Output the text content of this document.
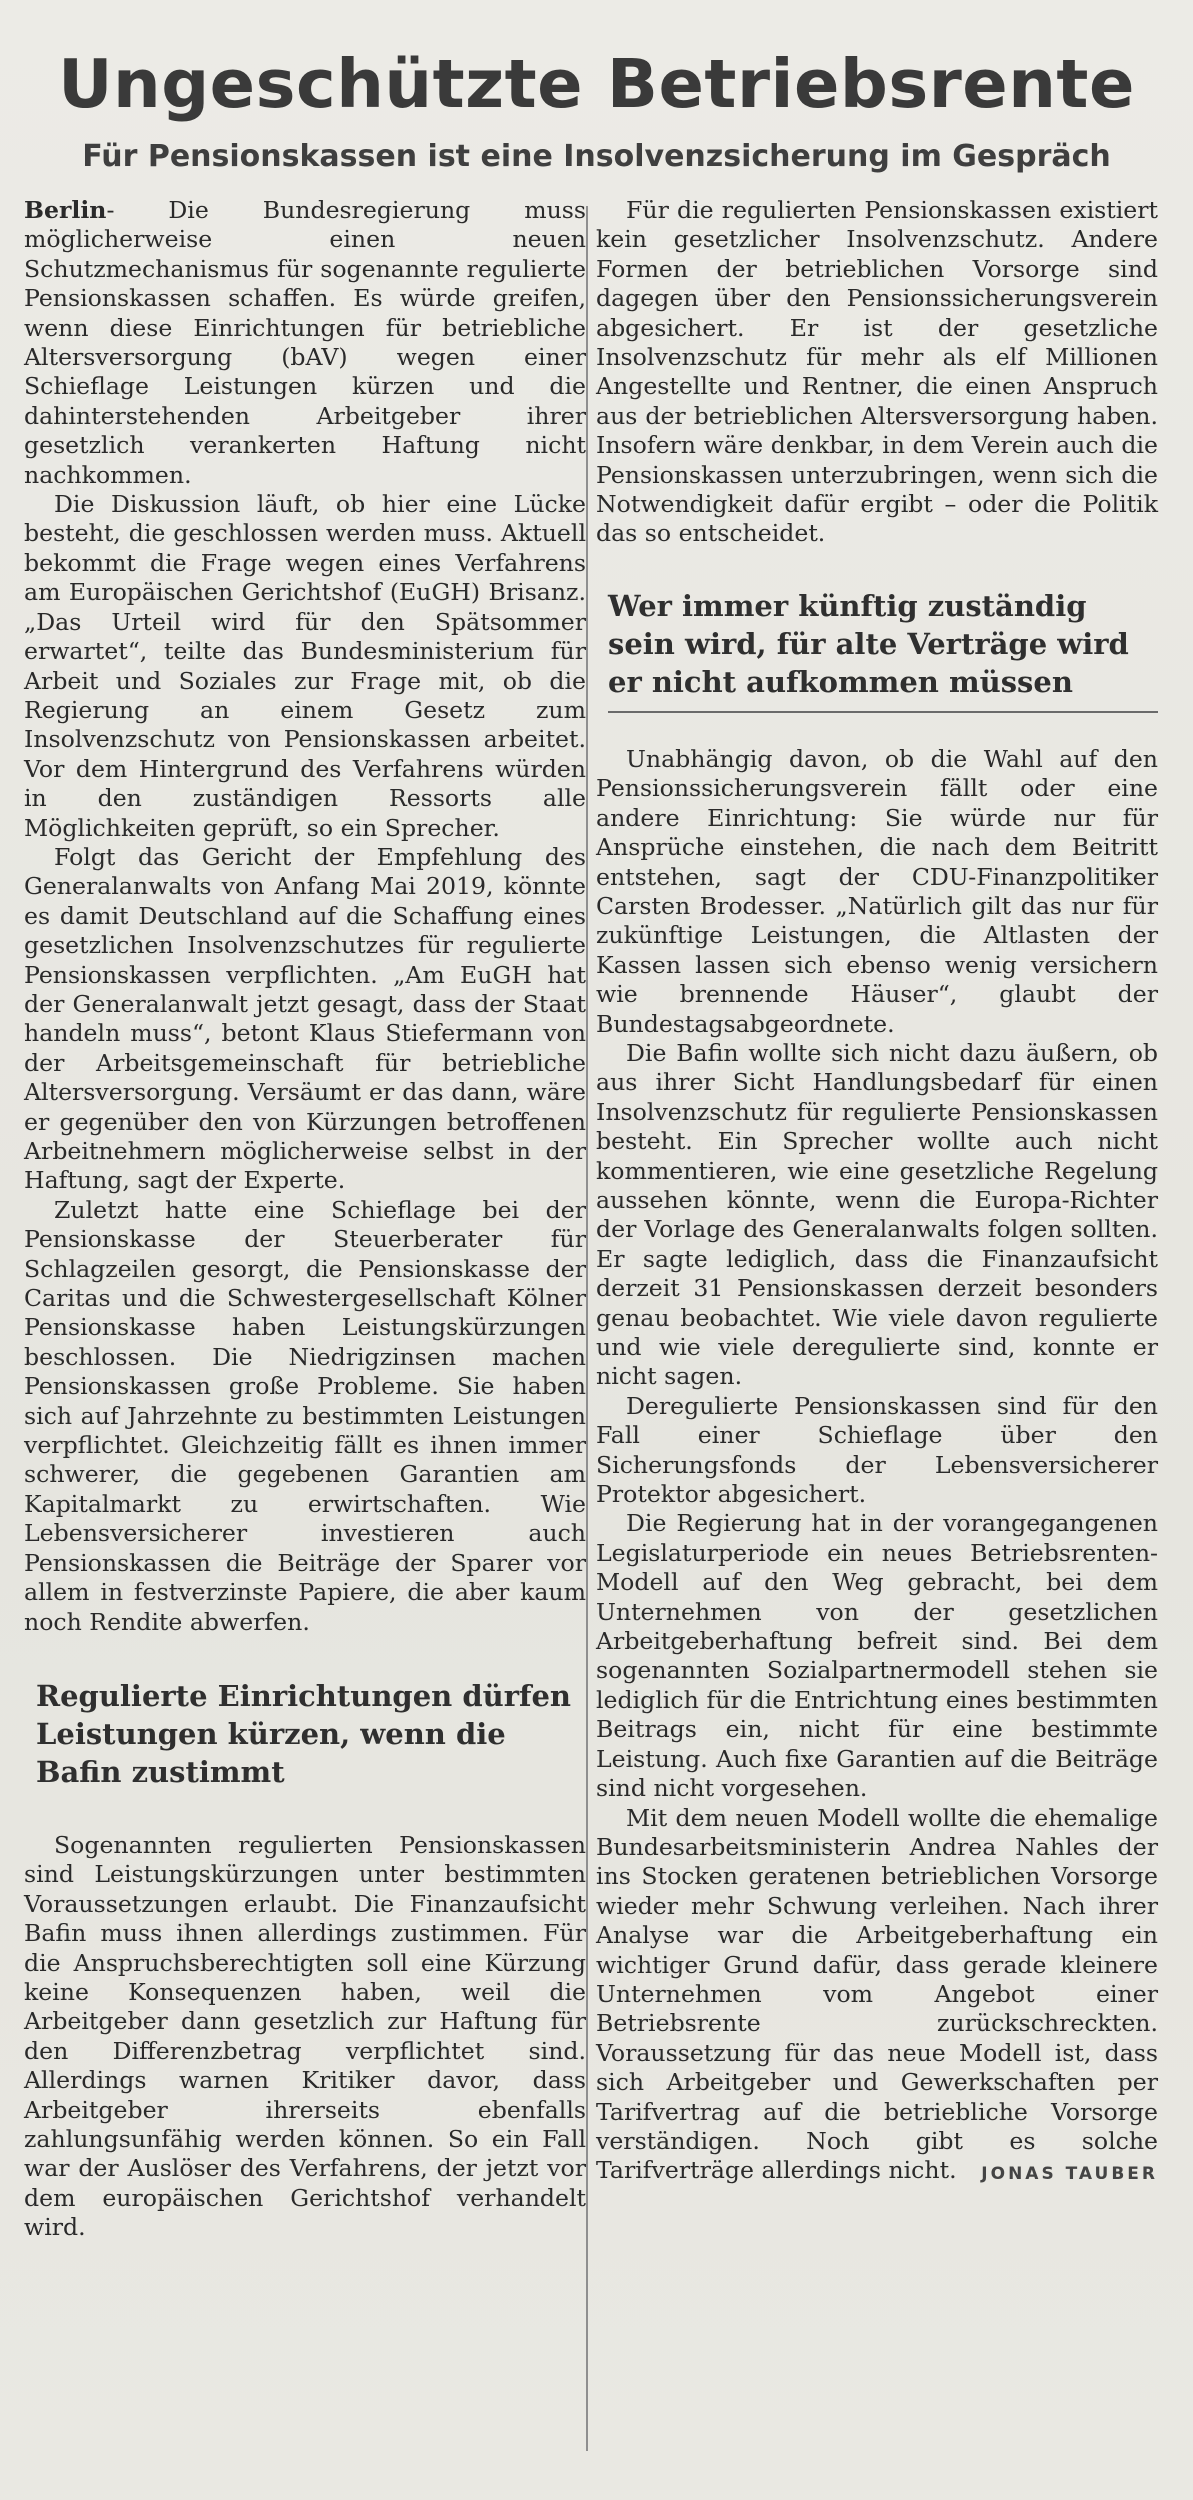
Ungeschützte Betriebsrente
Für Pensionskassen ist eine Insolvenzsicherung im Gespräch

Berlin- Die Bundesregierung muss möglicherweise einen neuen Schutzmechanismus für sogenannte regulierte Pensionskassen schaffen. Es würde greifen, wenn diese Einrichtungen für betriebliche Altersversorgung (bAV) wegen einer Schieflage Leistungen kürzen und die dahinterstehenden Arbeitgeber ihrer gesetzlich verankerten Haftung nicht nachkommen.

Die Diskussion läuft, ob hier eine Lücke besteht, die geschlossen werden muss. Aktuell bekommt die Frage wegen eines Verfahrens am Europäischen Gerichtshof (EuGH) Brisanz. „Das Urteil wird für den Spätsommer erwartet“, teilte das Bundesministerium für Arbeit und Soziales zur Frage mit, ob die Regierung an einem Gesetz zum Insolvenzschutz von Pensionskassen arbeitet. Vor dem Hintergrund des Verfahrens würden in den zuständigen Ressorts alle Möglichkeiten geprüft, so ein Sprecher.

Folgt das Gericht der Empfehlung des Generalanwalts von Anfang Mai 2019, könnte es damit Deutschland auf die Schaffung eines gesetzlichen Insolvenzschutzes für regulierte Pensionskassen verpflichten. „Am EuGH hat der Generalanwalt jetzt gesagt, dass der Staat handeln muss“, betont Klaus Stiefermann von der Arbeitsgemeinschaft für betriebliche Altersversorgung. Versäumt er das dann, wäre er gegenüber den von Kürzungen betroffenen Arbeitnehmern möglicherweise selbst in der Haftung, sagt der Experte.

Zuletzt hatte eine Schieflage bei der Pensionskasse der Steuerberater für Schlagzeilen gesorgt, die Pensionskasse der Caritas und die Schwestergesellschaft Kölner Pensionskasse haben Leistungskürzungen beschlossen. Die Niedrigzinsen machen Pensionskassen große Probleme. Sie haben sich auf Jahrzehnte zu bestimmten Leistungen verpflichtet. Gleichzeitig fällt es ihnen immer schwerer, die gegebenen Garantien am Kapitalmarkt zu erwirtschaften. Wie Lebensversicherer investieren auch Pensionskassen die Beiträge der Sparer vor allem in festverzinste Papiere, die aber kaum noch Rendite abwerfen.

Regulierte Einrichtungen dürfen Leistungen kürzen, wenn die Bafin zustimmt

Sogenannten regulierten Pensionskassen sind Leistungskürzungen unter bestimmten Voraussetzungen erlaubt. Die Finanzaufsicht Bafin muss ihnen allerdings zustimmen. Für die Anspruchsberechtigten soll eine Kürzung keine Konsequenzen haben, weil die Arbeitgeber dann gesetzlich zur Haftung für den Differenzbetrag verpflichtet sind. Allerdings warnen Kritiker davor, dass Arbeitgeber ihrerseits ebenfalls zahlungsunfähig werden können. So ein Fall war der Auslöser des Verfahrens, der jetzt vor dem europäischen Gerichtshof verhandelt wird.

Für die regulierten Pensionskassen existiert kein gesetzlicher Insolvenzschutz. Andere Formen der betrieblichen Vorsorge sind dagegen über den Pensionssicherungsverein abgesichert. Er ist der gesetzliche Insolvenzschutz für mehr als elf Millionen Angestellte und Rentner, die einen Anspruch aus der betrieblichen Altersversorgung haben. Insofern wäre denkbar, in dem Verein auch die Pensionskassen unterzubringen, wenn sich die Notwendigkeit dafür ergibt – oder die Politik das so entscheidet.

Wer immer künftig zuständig sein wird, für alte Verträge wird er nicht aufkommen müssen

Unabhängig davon, ob die Wahl auf den Pensionssicherungsverein fällt oder eine andere Einrichtung: Sie würde nur für Ansprüche einstehen, die nach dem Beitritt entstehen, sagt der CDU-Finanzpolitiker Carsten Brodesser. „Natürlich gilt das nur für zukünftige Leistungen, die Altlasten der Kassen lassen sich ebenso wenig versichern wie brennende Häuser“, glaubt der Bundestagsabgeordnete.

Die Bafin wollte sich nicht dazu äußern, ob aus ihrer Sicht Handlungsbedarf für einen Insolvenzschutz für regulierte Pensionskassen besteht. Ein Sprecher wollte auch nicht kommentieren, wie eine gesetzliche Regelung aussehen könnte, wenn die Europa-Richter der Vorlage des Generalanwalts folgen sollten. Er sagte lediglich, dass die Finanzaufsicht derzeit 31 Pensionskassen derzeit besonders genau beobachtet. Wie viele davon regulierte und wie viele deregulierte sind, konnte er nicht sagen.

Deregulierte Pensionskassen sind für den Fall einer Schieflage über den Sicherungsfonds der Lebensversicherer Protektor abgesichert.

Die Regierung hat in der vorangegangenen Legislaturperiode ein neues Betriebsrenten-Modell auf den Weg gebracht, bei dem Unternehmen von der gesetzlichen Arbeitgeberhaftung befreit sind. Bei dem sogenannten Sozialpartnermodell stehen sie lediglich für die Entrichtung eines bestimmten Beitrags ein, nicht für eine bestimmte Leistung. Auch fixe Garantien auf die Beiträge sind nicht vorgesehen.

Mit dem neuen Modell wollte die ehemalige Bundesarbeitsministerin Andrea Nahles der ins Stocken geratenen betrieblichen Vorsorge wieder mehr Schwung verleihen. Nach ihrer Analyse war die Arbeitgeberhaftung ein wichtiger Grund dafür, dass gerade kleinere Unternehmen vom Angebot einer Betriebsrente zurückschreckten. Voraussetzung für das neue Modell ist, dass sich Arbeitgeber und Gewerkschaften per Tarifvertrag auf die betriebliche Vorsorge verständigen. Noch gibt es solche Tarifverträge allerdings nicht.	JONAS TAUBER
